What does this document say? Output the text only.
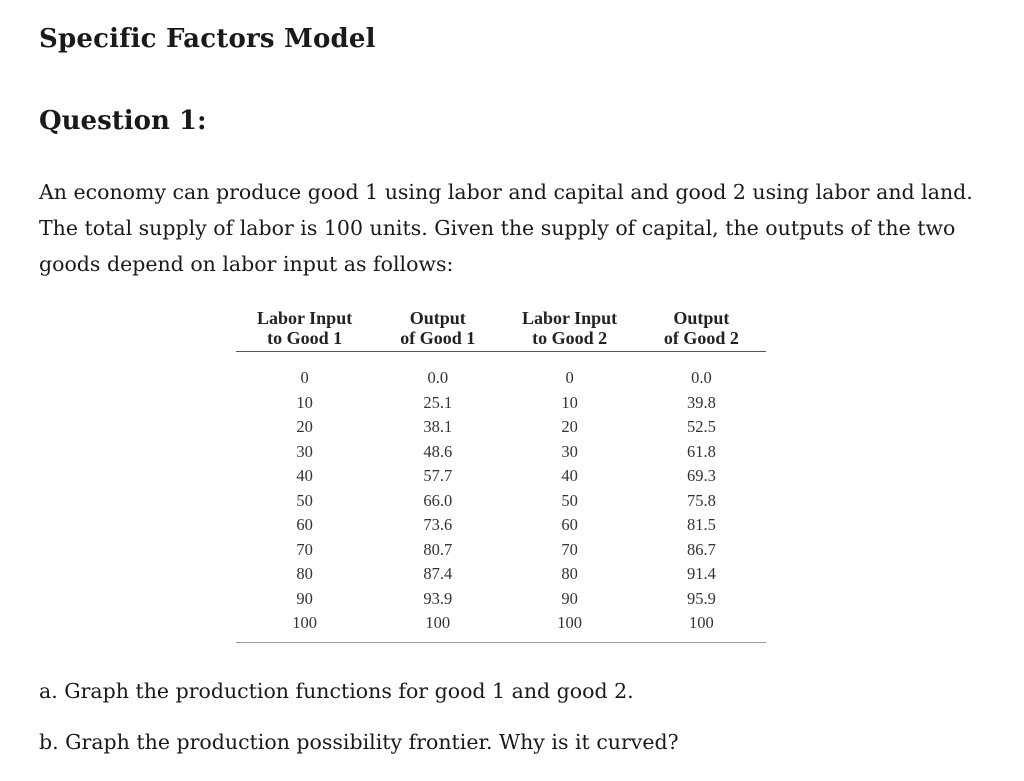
Specific Factors Model
Question 1:

An economy can produce good 1 using labor and capital and good 2 using labor and land.
The total supply of labor is 100 units. Given the supply of capital, the outputs of the two
goods depend on labor input as follows:

Labor Input
to Good 1	Output
of Good 1	Labor Input
to Good 2	Output
of Good 2

0	0.0	0	0.0
10	25.1	10	39.8
20	38.1	20	52.5
30	48.6	30	61.8
40	57.7	40	69.3
50	66.0	50	75.8
60	73.6	60	81.5
70	80.7	70	86.7
80	87.4	80	91.4
90	93.9	90	95.9
100	100	100	100

a. Graph the production functions for good 1 and good 2.

b. Graph the production possibility frontier. Why is it curved?
